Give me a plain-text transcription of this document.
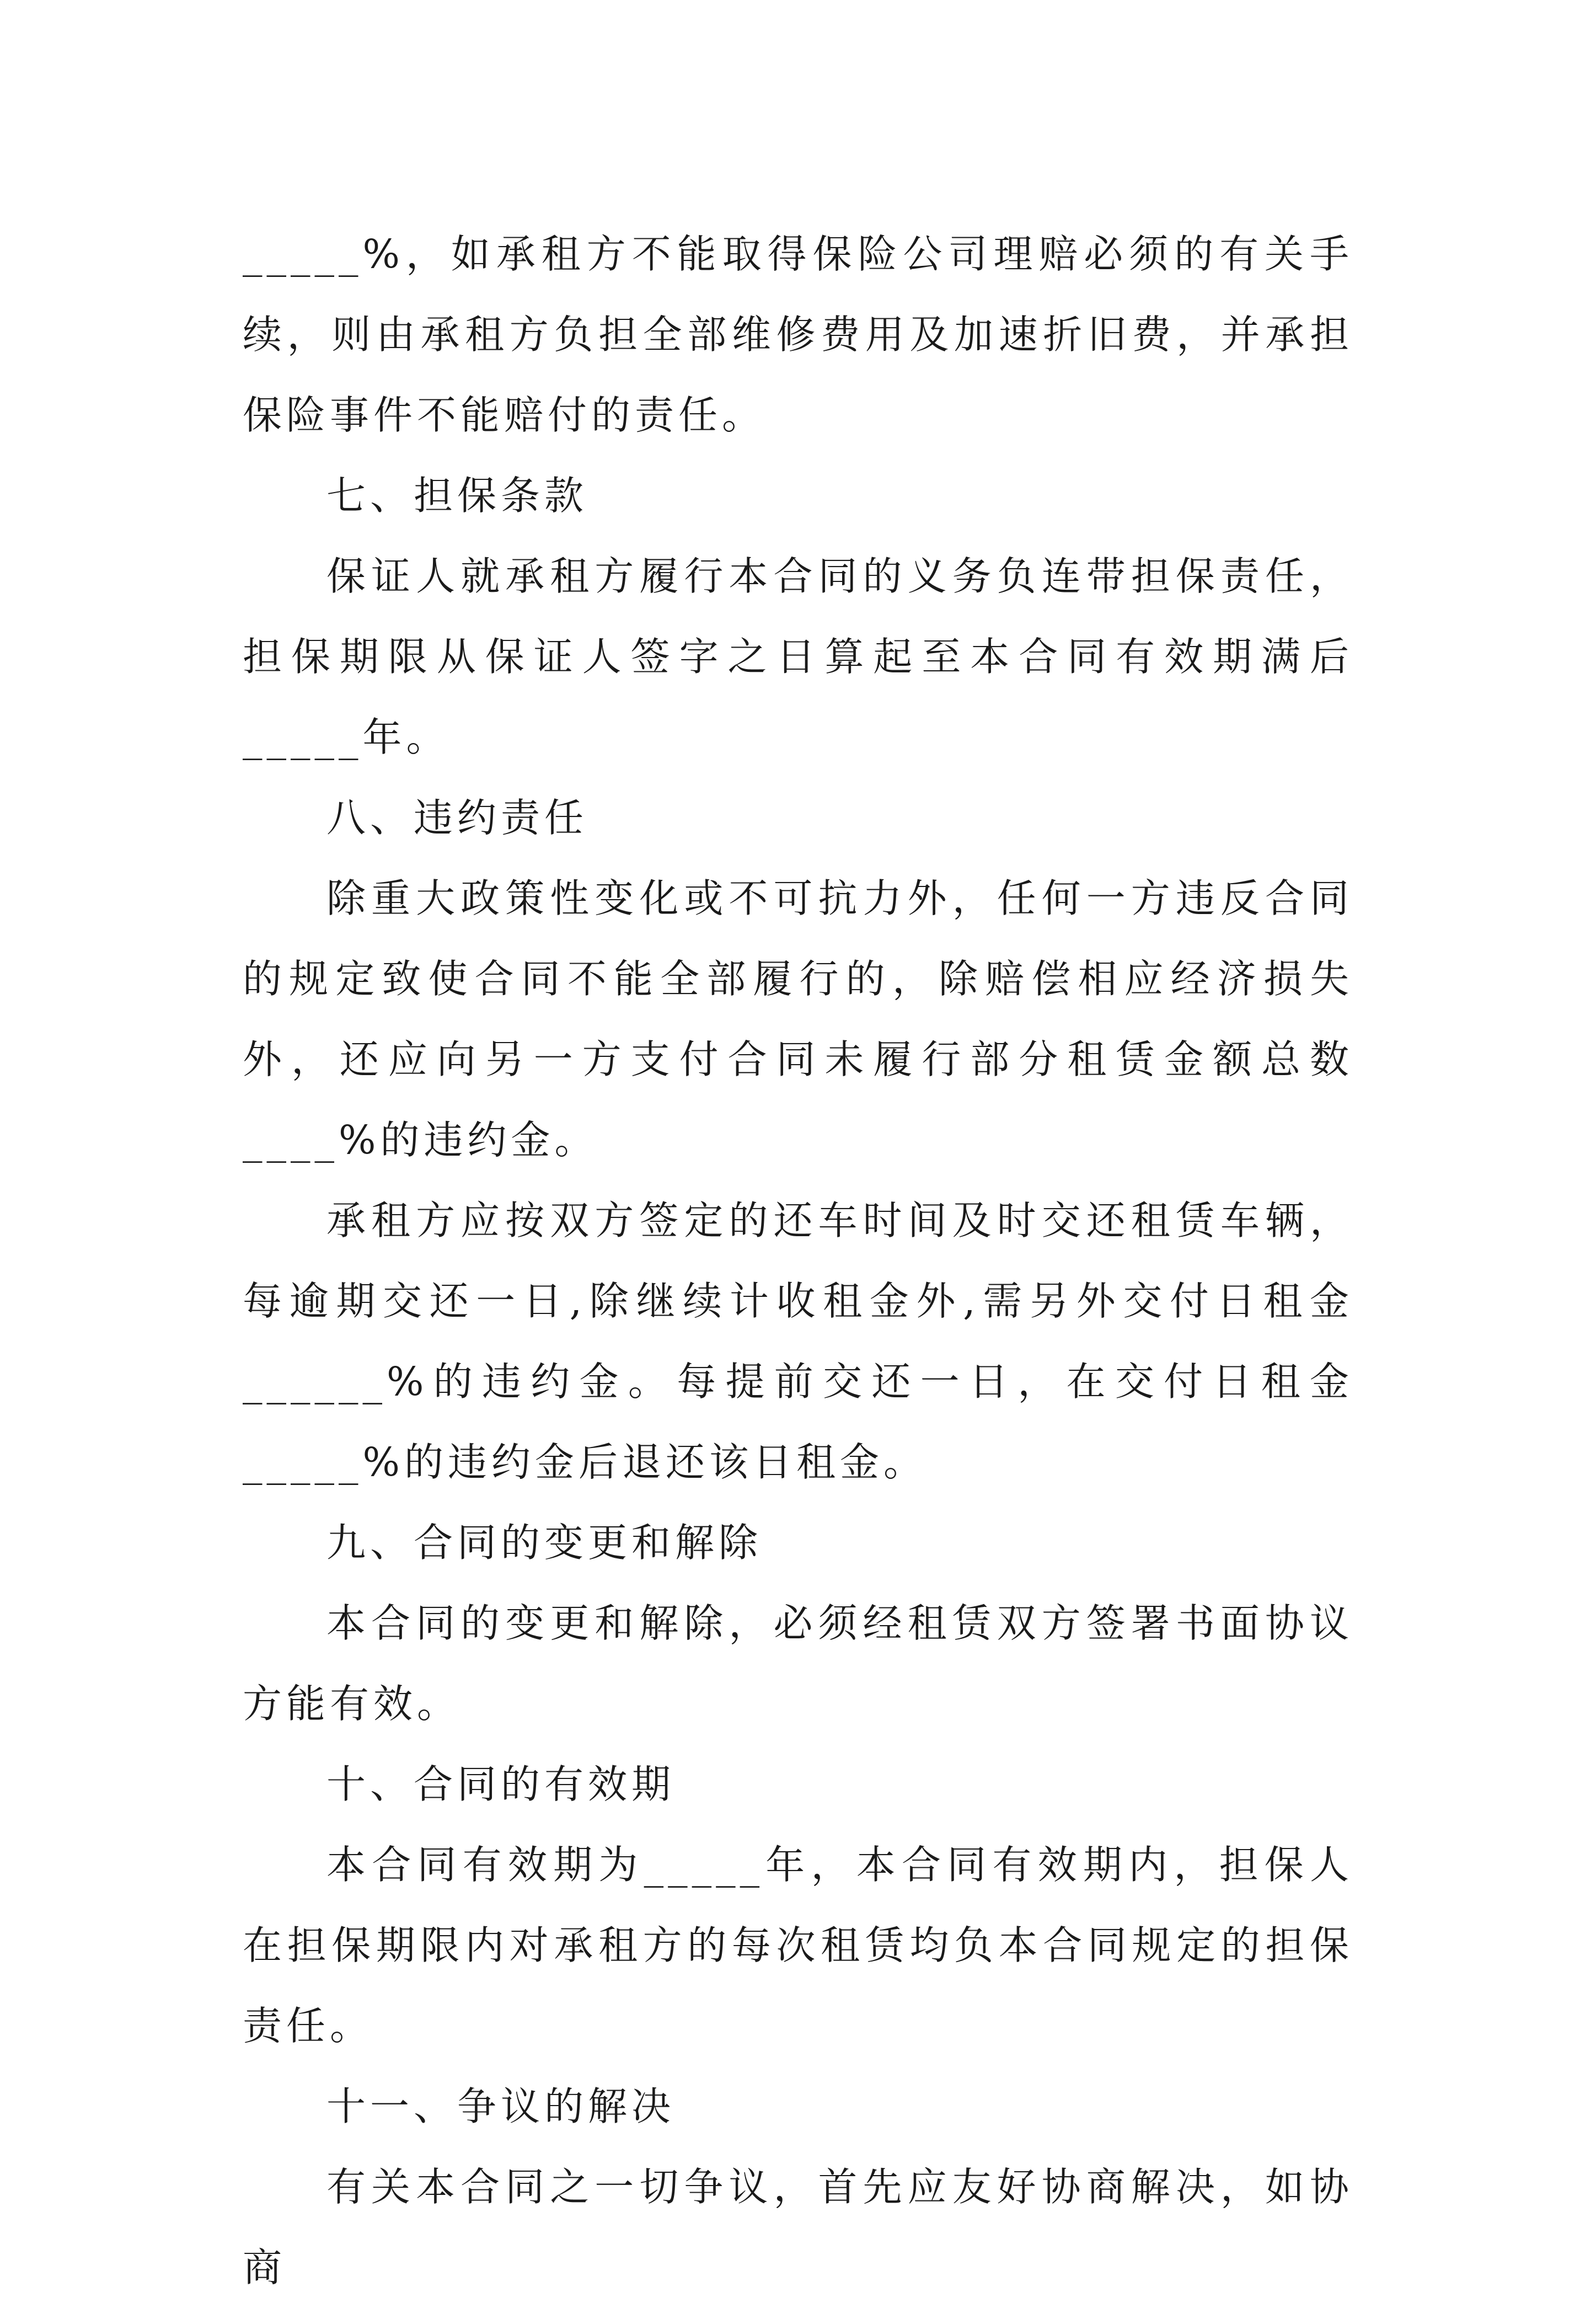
_____%，如承租方不能取得保险公司理赔必须的有关手续，则由承租方负担全部维修费用及加速折旧费，并承担保险事件不能赔付的责任。

七、担保条款

保证人就承租方履行本合同的义务负连带担保责任，担保期限从保证人签字之日算起至本合同有效期满后_____年。

八、违约责任

除重大政策性变化或不可抗力外，任何一方违反合同的规定致使合同不能全部履行的，除赔偿相应经济损失外，还应向另一方支付合同未履行部分租赁金额总数____%的违约金。

承租方应按双方签定的还车时间及时交还租赁车辆，每逾期交还一日,除继续计收租金外,需另外交付日租金______%的违约金。每提前交还一日，在交付日租金_____%的违约金后退还该日租金。

九、合同的变更和解除

本合同的变更和解除，必须经租赁双方签署书面协议方能有效。

十、合同的有效期

本合同有效期为_____年，本合同有效期内，担保人在担保期限内对承租方的每次租赁均负本合同规定的担保责任。

十一、争议的解决

有关本合同之一切争议，首先应友好协商解决，如协商
